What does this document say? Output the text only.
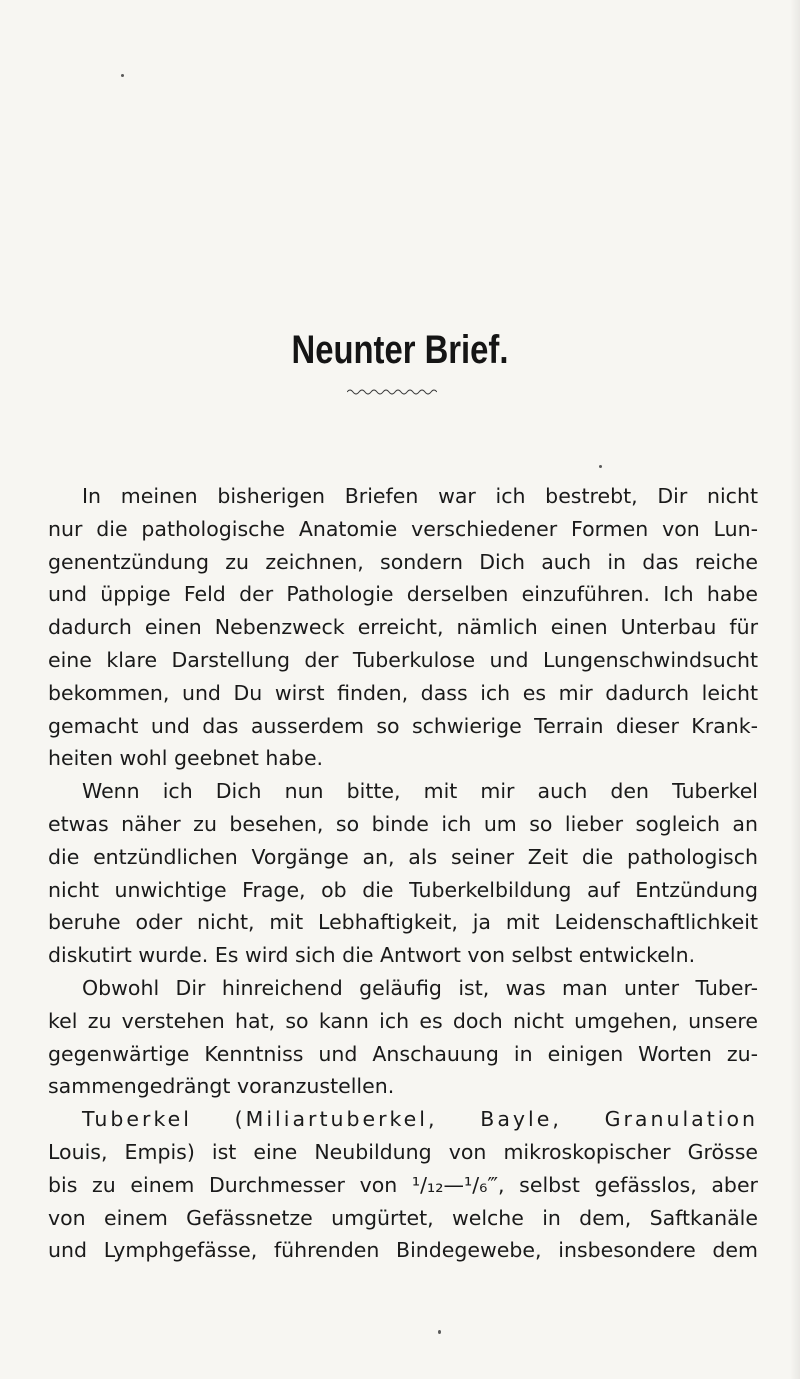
Neunter Brief.
In meinen bisherigen Briefen war ich bestrebt, Dir nicht
nur die pathologische Anatomie verschiedener Formen von Lun-
genentzündung zu zeichnen, sondern Dich auch in das reiche
und üppige Feld der Pathologie derselben einzuführen. Ich habe
dadurch einen Nebenzweck erreicht, nämlich einen Unterbau für
eine klare Darstellung der Tuberkulose und Lungenschwindsucht
bekommen, und Du wirst finden, dass ich es mir dadurch leicht
gemacht und das ausserdem so schwierige Terrain dieser Krank-
heiten wohl geebnet habe.
Wenn ich Dich nun bitte, mit mir auch den Tuberkel
etwas näher zu besehen, so binde ich um so lieber sogleich an
die entzündlichen Vorgänge an, als seiner Zeit die pathologisch
nicht unwichtige Frage, ob die Tuberkelbildung auf Entzündung
beruhe oder nicht, mit Lebhaftigkeit, ja mit Leidenschaftlichkeit
diskutirt wurde. Es wird sich die Antwort von selbst entwickeln.
Obwohl Dir hinreichend geläufig ist, was man unter Tuber-
kel zu verstehen hat, so kann ich es doch nicht umgehen, unsere
gegenwärtige Kenntniss und Anschauung in einigen Worten zu-
sammengedrängt voranzustellen.
Tuberkel (Miliartuberkel, Bayle, Granulation
Louis, Empis) ist eine Neubildung von mikroskopischer Grösse
bis zu einem Durchmesser von ¹/₁₂—¹/₆‴, selbst gefässlos, aber
von einem Gefässnetze umgürtet, welche in dem, Saftkanäle
und Lymphgefässe, führenden Bindegewebe, insbesondere dem
